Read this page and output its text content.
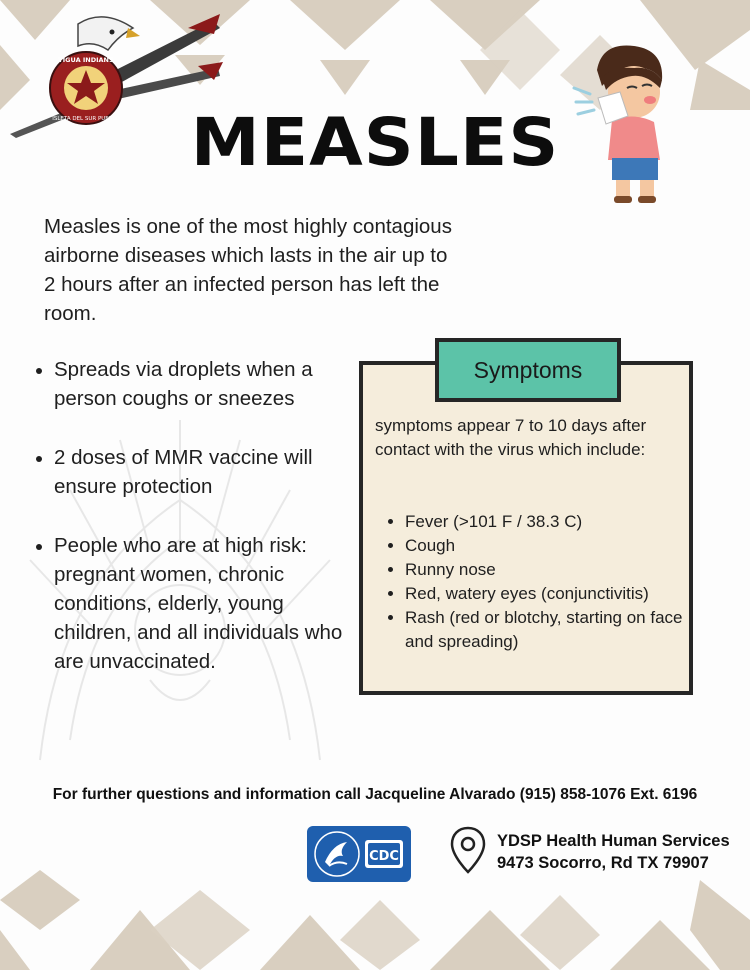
TIGUA INDIANS
ISLETA DEL SUR PUEBLO	MEASLES
Measles is one of the most highly contagious airborne diseases which lasts in the air up to 2 hours after an infected person has left the room.
• Spreads via droplets when a person coughs or sneezes
• 2 doses of MMR vaccine will ensure protection
• People who are at high risk: pregnant women, chronic conditions, elderly, young children, and all individuals who are unvaccinated.
Symptoms
symptoms appear 7 to 10 days after contact with the virus which include:
• Fever (>101 F / 38.3 C)
• Cough
• Runny nose
• Red, watery eyes (conjunctivitis)
• Rash (red or blotchy, starting on face and spreading)
For further questions and information call Jacqueline Alvarado (915) 858-1076 Ext. 6196
CDC
YDSP Health Human Services
9473 Socorro, Rd TX 79907
